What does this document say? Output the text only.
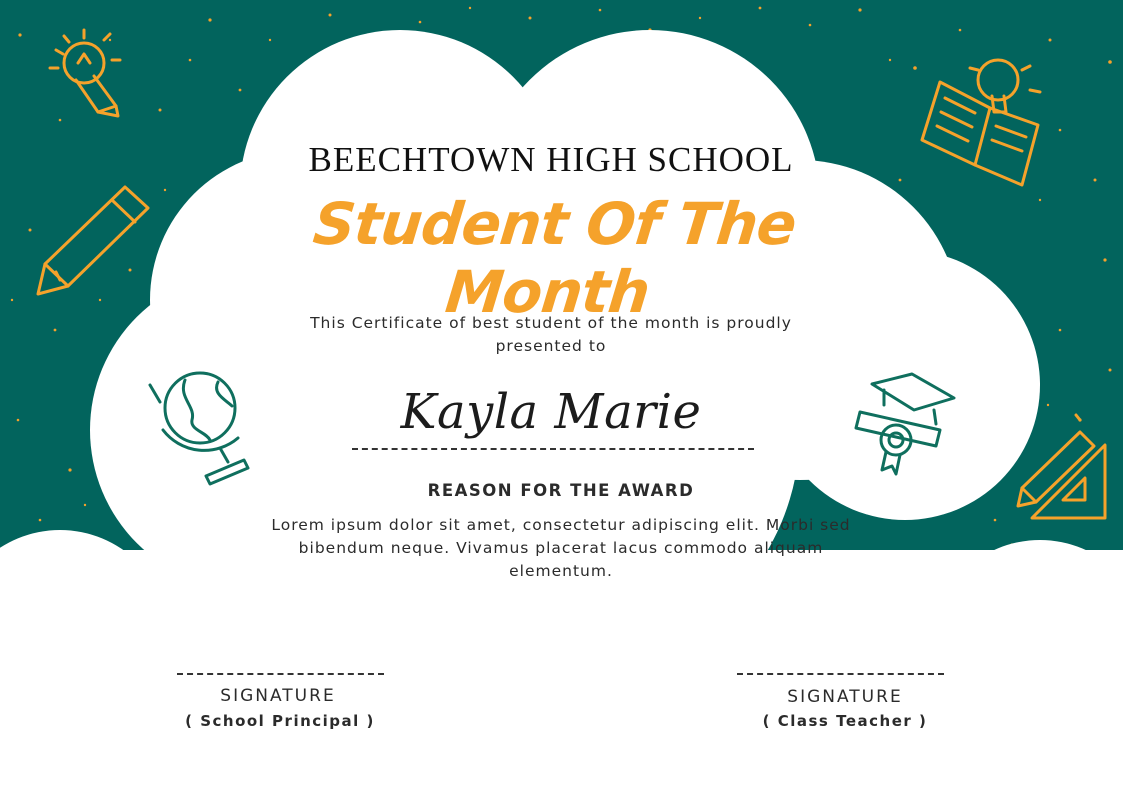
BEECHTOWN HIGH SCHOOL

Student Of The Month

This Certificate of best student of the month is proudly presented to

Kayla Marie

REASON FOR THE AWARD

Lorem ipsum dolor sit amet, consectetur adipiscing elit. Morbi sed bibendum neque. Vivamus placerat lacus commodo aliquam elementum.

SIGNATURE

( School Principal )

SIGNATURE

( Class Teacher )
